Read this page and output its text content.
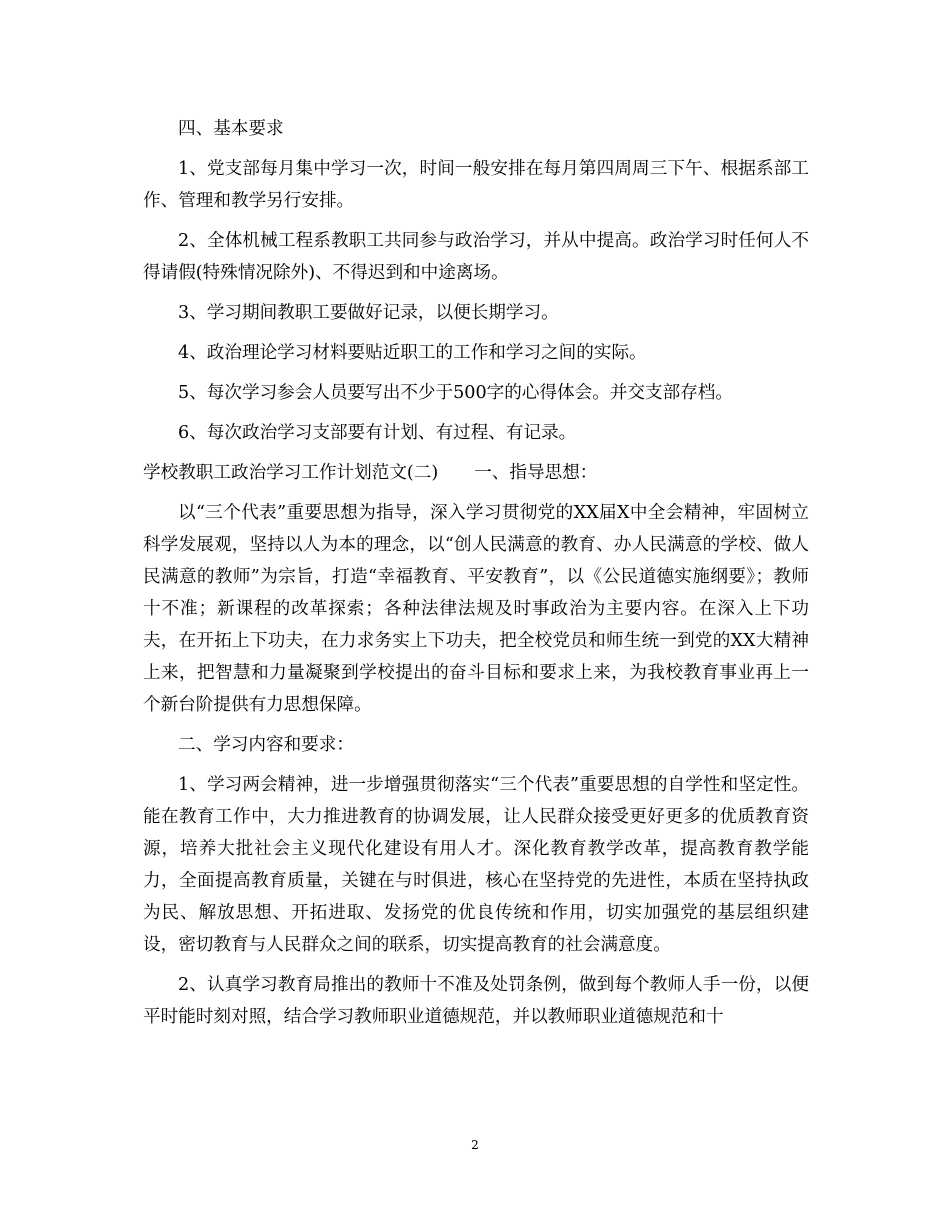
四、基本要求

1、党支部每月集中学习一次，时间一般安排在每月第四周周三下午、根据系部工作、管理和教学另行安排。

2、全体机械工程系教职工共同参与政治学习，并从中提高。政治学习时任何人不得请假(特殊情况除外)、不得迟到和中途离场。

3、学习期间教职工要做好记录，以便长期学习。

4、政治理论学习材料要贴近职工的工作和学习之间的实际。

5、每次学习参会人员要写出不少于500字的心得体会。并交支部存档。

6、每次政治学习支部要有计划、有过程、有记录。

学校教职工政治学习工作计划范文(二) 一、指导思想：

以“三个代表”重要思想为指导，深入学习贯彻党的XX届X中全会精神，牢固树立科学发展观，坚持以人为本的理念，以“创人民满意的教育、办人民满意的学校、做人民满意的教师”为宗旨，打造“幸福教育、平安教育”，以《公民道德实施纲要》；教师十不准；新课程的改革探索；各种法律法规及时事政治为主要内容。在深入上下功夫，在开拓上下功夫，在力求务实上下功夫，把全校党员和师生统一到党的XX大精神上来，把智慧和力量凝聚到学校提出的奋斗目标和要求上来，为我校教育事业再上一个新台阶提供有力思想保障。

二、学习内容和要求：

1、学习两会精神，进一步增强贯彻落实“三个代表”重要思想的自学性和坚定性。能在教育工作中，大力推进教育的协调发展，让人民群众接受更好更多的优质教育资源，培养大批社会主义现代化建设有用人才。深化教育教学改革，提高教育教学能力，全面提高教育质量，关键在与时俱进，核心在坚持党的先进性，本质在坚持执政为民、解放思想、开拓进取、发扬党的优良传统和作用，切实加强党的基层组织建设，密切教育与人民群众之间的联系，切实提高教育的社会满意度。

2、认真学习教育局推出的教师十不准及处罚条例，做到每个教师人手一份，以便平时能时刻对照，结合学习教师职业道德规范，并以教师职业道德规范和十

2
